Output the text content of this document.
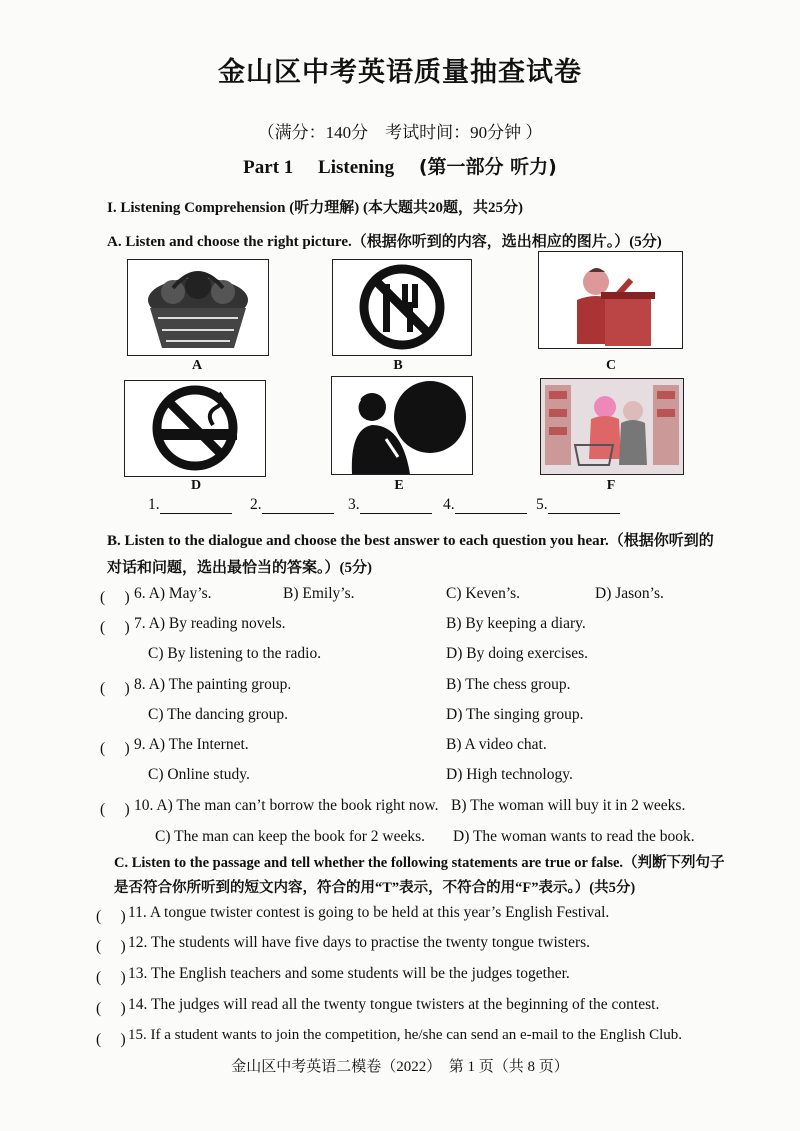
金山区中考英语质量抽查试卷
（满分：140分　考试时间：90分钟 ）
Part 1 Listening (第一部分 听力)
I. Listening Comprehension (听力理解) (本大题共20题，共25分)
A. Listen and choose the right picture.（根据你听到的内容，选出相应的图片。）(5分)
A	B	C
D	E	F
1.	2.	3.	4.	5.
B. Listen to the dialogue and choose the best answer to each question you hear.（根据你听到的
对话和问题，选出最恰当的答案。）(5分)
(　 ) 6. A) May’s.	B) Emily’s.	C) Keven’s.	D) Jason’s.
(　 ) 7. A) By reading novels.	B) By keeping a diary.
C) By listening to the radio.	D) By doing exercises.
(　 ) 8. A) The painting group.	B) The chess group.
C) The dancing group.	D) The singing group.
(　 ) 9. A) The Internet.	B) A video chat.
C) Online study.	D) High technology.
(　 ) 10. A) The man can’t borrow the book right now. B) The woman will buy it in 2 weeks.
C) The man can keep the book for 2 weeks. D) The woman wants to read the book.
C. Listen to the passage and tell whether the following statements are true or false.（判断下列句子
是否符合你所听到的短文内容，符合的用“T”表示，不符合的用“F”表示。）(共5分)
(　 ) 11. A tongue twister contest is going to be held at this year’s English Festival.
(　 ) 12. The students will have five days to practise the twenty tongue twisters.
(　 ) 13. The English teachers and some students will be the judges together.
(　 ) 14. The judges will read all the twenty tongue twisters at the beginning of the contest.
(　 ) 15. If a student wants to join the competition, he/she can send an e-mail to the English Club.
金山区中考英语二模卷（2022）　第 1 页（共 8 页）
